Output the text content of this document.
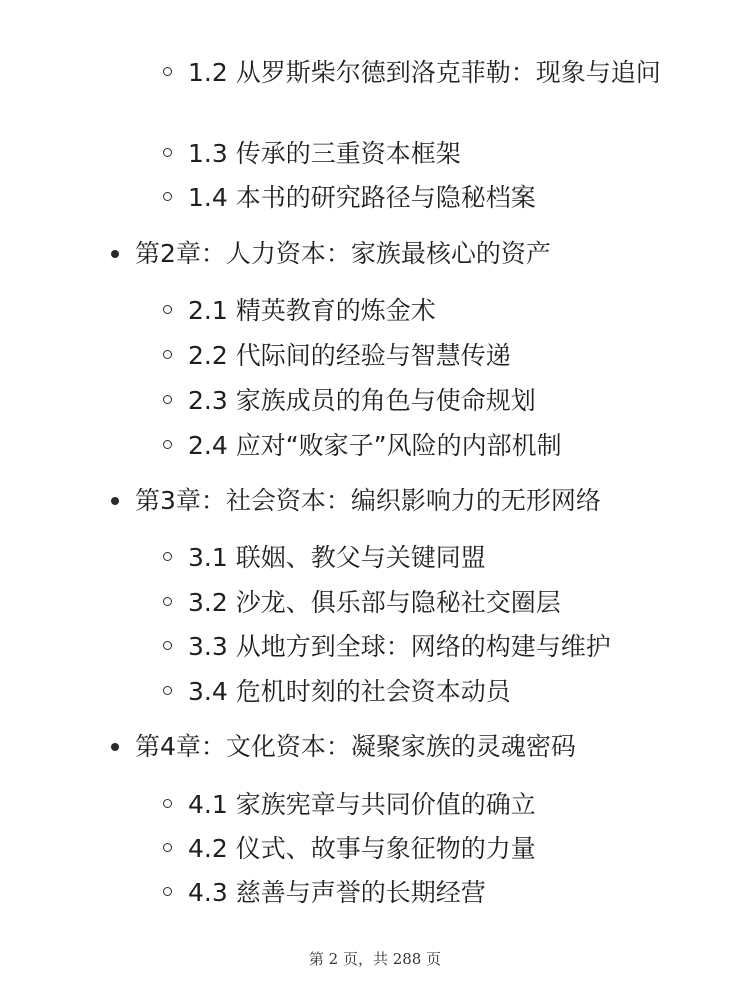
1.2 从罗斯柴尔德到洛克菲勒：现象与追问
1.3 传承的三重资本框架
1.4 本书的研究路径与隐秘档案
第2章：人力资本：家族最核心的资产
2.1 精英教育的炼金术
2.2 代际间的经验与智慧传递
2.3 家族成员的角色与使命规划
2.4 应对“败家子”风险的内部机制
第3章：社会资本：编织影响力的无形网络
3.1 联姻、教父与关键同盟
3.2 沙龙、俱乐部与隐秘社交圈层
3.3 从地方到全球：网络的构建与维护
3.4 危机时刻的社会资本动员
第4章：文化资本：凝聚家族的灵魂密码
4.1 家族宪章与共同价值的确立
4.2 仪式、故事与象征物的力量
4.3 慈善与声誉的长期经营
第 2 页，共 288 页
